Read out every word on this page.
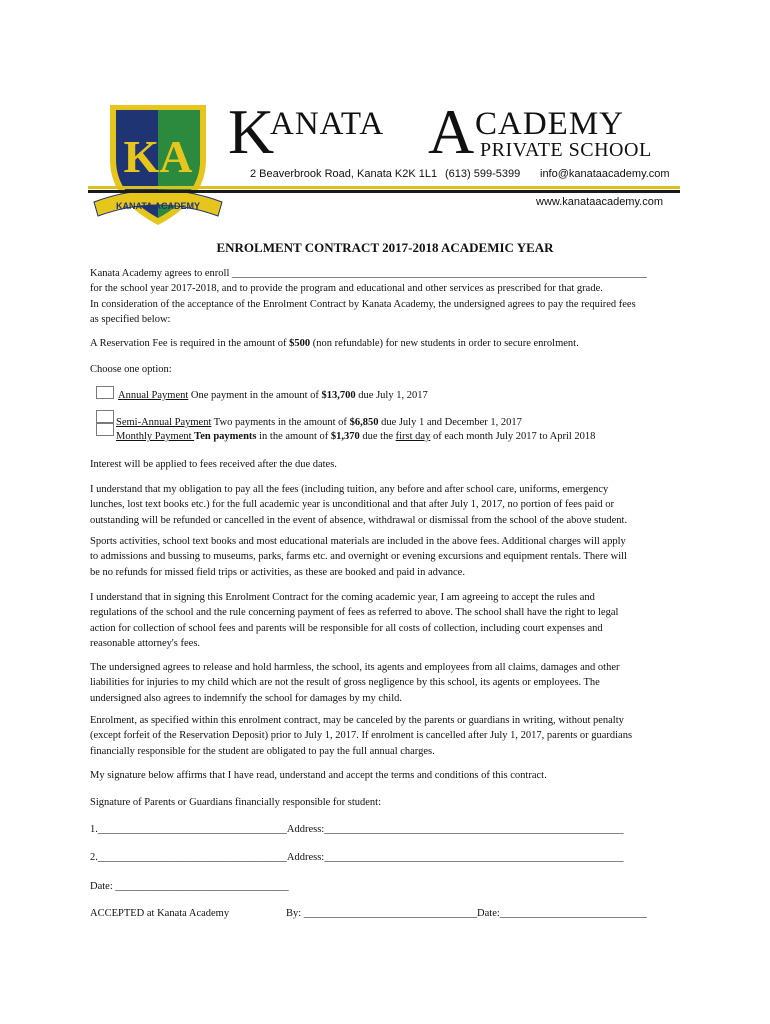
KA
KANATA ACADEMY
K
ANATA A CADEMY
PRIVATE SCHOOL
2 Beaverbrook Road, Kanata K2K 1L1 (613) 599-5399 info@kanataacademy.com
www.kanataacademy.com
ENROLMENT CONTRACT 2017-2018 ACADEMIC YEAR
Kanata Academy agrees to enroll _______________________________________________________________________________
for the school year 2017-2018, and to provide the program and educational and other services as prescribed for that grade.
In consideration of the acceptance of the Enrolment Contract by Kanata Academy, the undersigned agrees to pay the required fees
as specified below:
A Reservation Fee is required in the amount of $500 (non refundable) for new students in order to secure enrolment.
Choose one option:
Annual Payment One payment in the amount of $13,700 due July 1, 2017
Semi-Annual Payment Two payments in the amount of $6,850 due July 1 and December 1, 2017
Monthly Payment Ten payments in the amount of $1,370 due the first day of each month July 2017 to April 2018
Interest will be applied to fees received after the due dates.
I understand that my obligation to pay all the fees (including tuition, any before and after school care, uniforms, emergency
lunches, lost text books etc.) for the full academic year is unconditional and that after July 1, 2017, no portion of fees paid or
outstanding will be refunded or cancelled in the event of absence, withdrawal or dismissal from the school of the above student.
Sports activities, school text books and most educational materials are included in the above fees. Additional charges will apply
to admissions and bussing to museums, parks, farms etc. and overnight or evening excursions and equipment rentals. There will
be no refunds for missed field trips or activities, as these are booked and paid in advance.
I understand that in signing this Enrolment Contract for the coming academic year, I am agreeing to accept the rules and
regulations of the school and the rule concerning payment of fees as referred to above. The school shall have the right to legal
action for collection of school fees and parents will be responsible for all costs of collection, including court expenses and
reasonable attorney's fees.
The undersigned agrees to release and hold harmless, the school, its agents and employees from all claims, damages and other
liabilities for injuries to my child which are not the result of gross negligence by this school, its agents or employees. The
undersigned also agrees to indemnify the school for damages by my child.
Enrolment, as specified within this enrolment contract, may be canceled by the parents or guardians in writing, without penalty
(except forfeit of the Reservation Deposit) prior to July 1, 2017. If enrolment is cancelled after July 1, 2017, parents or guardians
financially responsible for the student are obligated to pay the full annual charges.
My signature below affirms that I have read, understand and accept the terms and conditions of this contract.
Signature of Parents or Guardians financially responsible for student:
1.____________________________________Address:_________________________________________________________
2.____________________________________Address:_________________________________________________________
Date: _________________________________
ACCEPTED at Kanata Academy	By: _________________________________Date:____________________________
